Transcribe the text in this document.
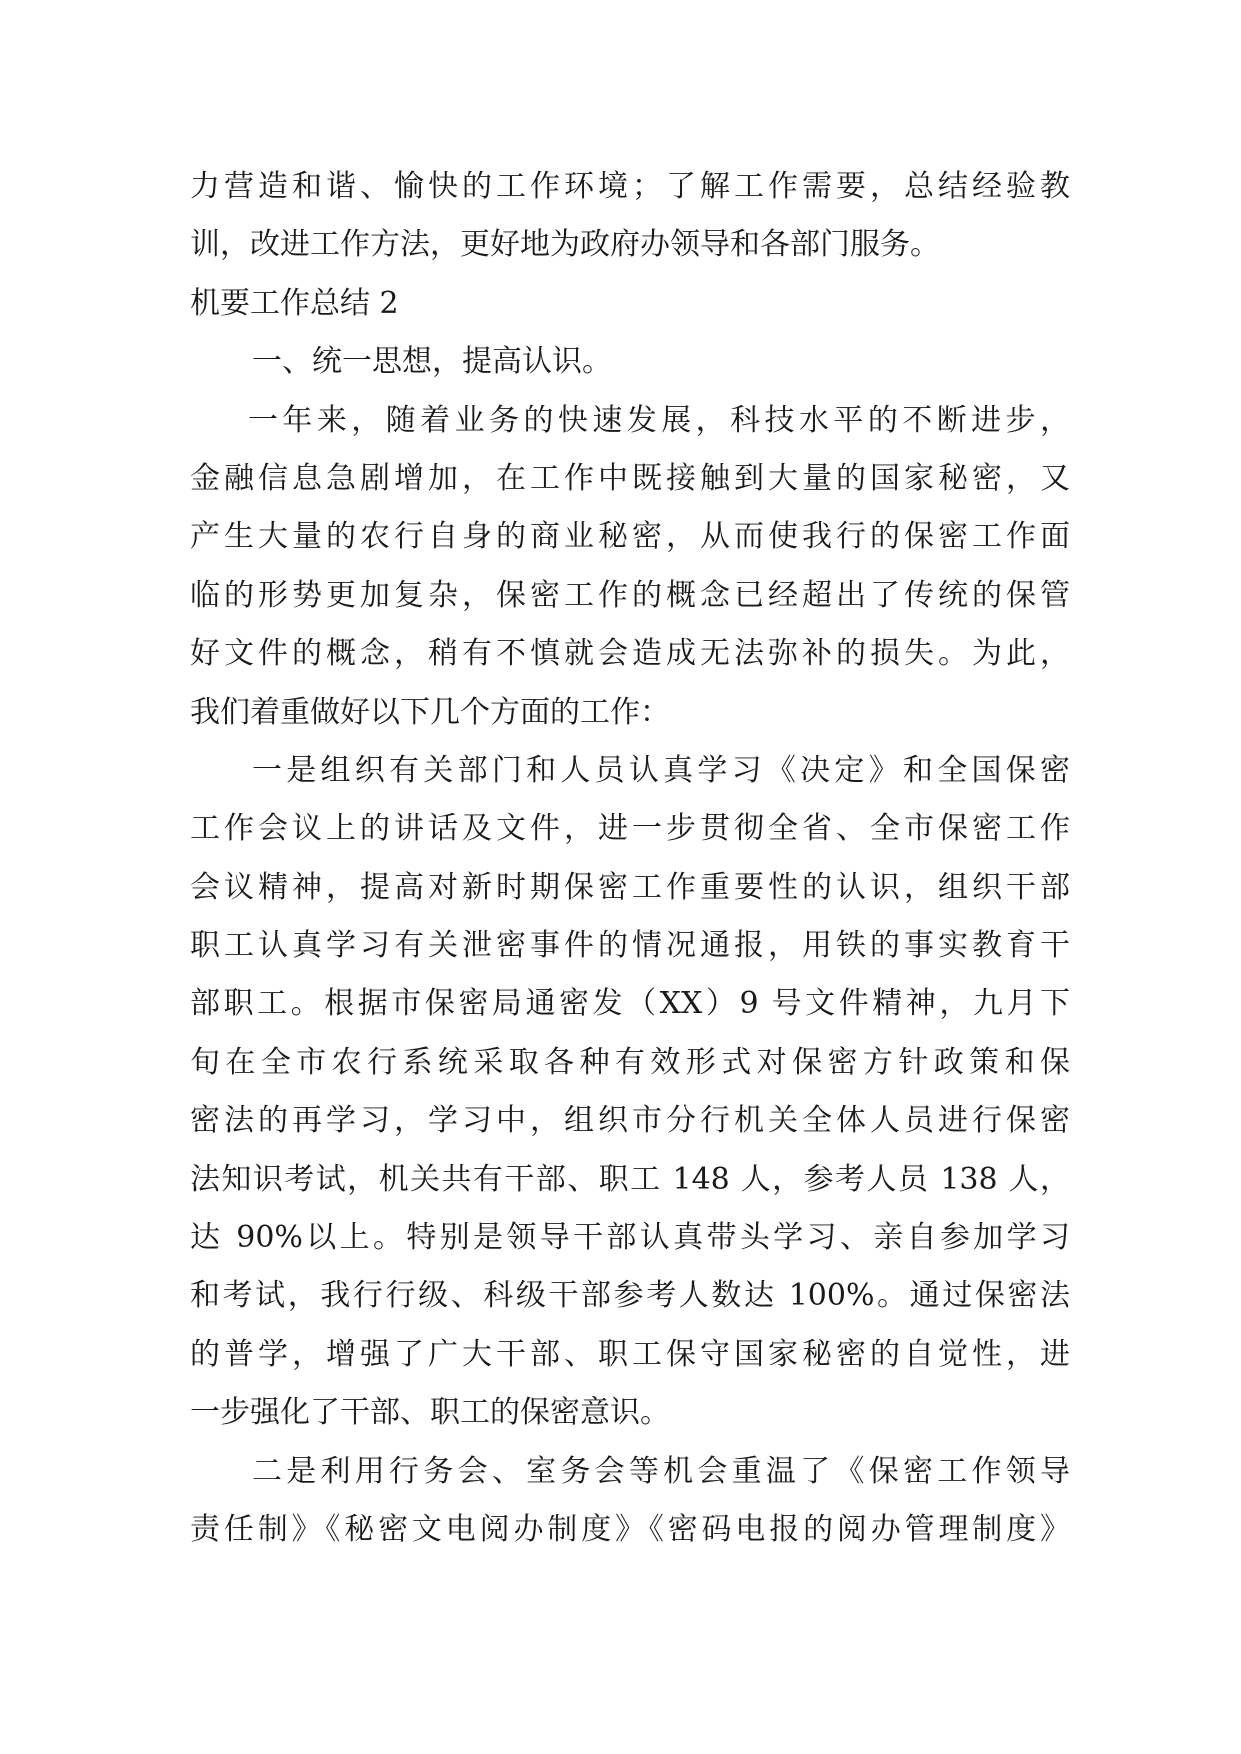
力营造和谐、愉快的工作环境；了解工作需要，总结经验教
训，改进工作方法，更好地为政府办领导和各部门服务。
机要工作总结 2
一、统一思想，提高认识。
一年来，随着业务的快速发展，科技水平的不断进步，
金融信息急剧增加，在工作中既接触到大量的国家秘密，又
产生大量的农行自身的商业秘密，从而使我行的保密工作面
临的形势更加复杂，保密工作的概念已经超出了传统的保管
好文件的概念，稍有不慎就会造成无法弥补的损失。为此，
我们着重做好以下几个方面的工作：
一是组织有关部门和人员认真学习《决定》和全国保密
工作会议上的讲话及文件，进一步贯彻全省、全市保密工作
会议精神，提高对新时期保密工作重要性的认识，组织干部
职工认真学习有关泄密事件的情况通报，用铁的事实教育干
部职工。根据市保密局通密发（XX）9 号文件精神，九月下
旬在全市农行系统采取各种有效形式对保密方针政策和保
密法的再学习，学习中，组织市分行机关全体人员进行保密
法知识考试，机关共有干部、职工 148 人，参考人员 138 人，
达 90%以上。特别是领导干部认真带头学习、亲自参加学习
和考试，我行行级、科级干部参考人数达 100%。通过保密法
的普学，增强了广大干部、职工保守国家秘密的自觉性，进
一步强化了干部、职工的保密意识。
二是利用行务会、室务会等机会重温了《保密工作领导
责任制》《秘密文电阅办制度》《密码电报的阅办管理制度》
